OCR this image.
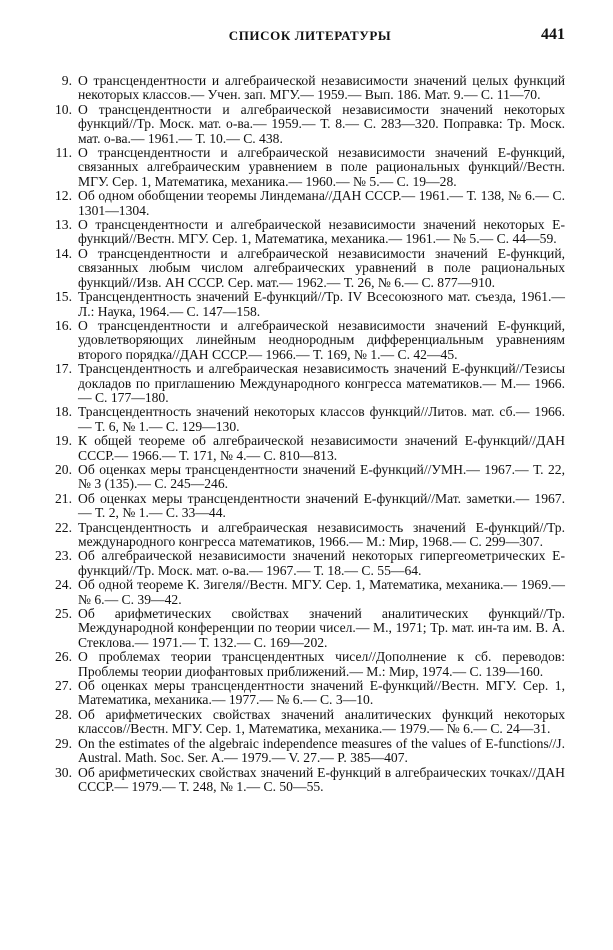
СПИСОК ЛИТЕРАТУРЫ	441

9. О трансцендентности и алгебраической независимости значений целых функций некоторых классов.— Учен. зап. МГУ.— 1959.— Вып. 186. Мат. 9.— С. 11—70.

10. О трансцендентности и алгебраической независимости значений некоторых функций//Тр. Моск. мат. о-ва.— 1959.— Т. 8.— С. 283—320. Поправка: Тр. Моск. мат. о-ва.— 1961.— Т. 10.— С. 438.

11. О трансцендентности и алгебраической независимости значений Е-функций, связанных алгебраическим уравнением в поле рациональных функций//Вестн. МГУ. Сер. 1, Математика, механика.— 1960.— № 5.— С. 19—28.

12. Об одном обобщении теоремы Линдемана//ДАН СССР.— 1961.— Т. 138, № 6.— С. 1301—1304.

13. О трансцендентности и алгебраической независимости значений некоторых Е-функций//Вестн. МГУ. Сер. 1, Математика, механика.— 1961.— № 5.— С. 44—59.

14. О трансцендентности и алгебраической независимости значений Е-функций, связанных любым числом алгебраических уравнений в поле рациональных функций//Изв. АН СССР. Сер. мат.— 1962.— Т. 26, № 6.— С. 877—910.

15. Трансцендентность значений Е-функций//Тр. IV Всесоюзного мат. съезда, 1961.— Л.: Наука, 1964.— С. 147—158.

16. О трансцендентности и алгебраической независимости значений Е-функций, удовлетворяющих линейным неоднородным дифференциальным уравнениям второго порядка//ДАН СССР.— 1966.— Т. 169, № 1.— С. 42—45.

17. Трансцендентность и алгебраическая независимость значений Е-функций//Тезисы докладов по приглашению Международного конгресса математиков.— М.— 1966.— С. 177—180.

18. Трансцендентность значений некоторых классов функций//Литов. мат. сб.— 1966.— Т. 6, № 1.— С. 129—130.

19. К общей теореме об алгебраической независимости значений Е-функций//ДАН СССР.— 1966.— Т. 171, № 4.— С. 810—813.

20. Об оценках меры трансцендентности значений Е-функций//УМН.— 1967.— Т. 22, № 3 (135).— С. 245—246.

21. Об оценках меры трансцендентности значений Е-функций//Мат. заметки.— 1967.— Т. 2, № 1.— С. 33—44.

22. Трансцендентность и алгебраическая независимость значений Е-функций//Тр. международного конгресса математиков, 1966.— М.: Мир, 1968.— С. 299—307.

23. Об алгебраической независимости значений некоторых гипергеометрических Е-функций//Тр. Моск. мат. о-ва.— 1967.— Т. 18.— С. 55—64.

24. Об одной теореме К. Зигеля//Вестн. МГУ. Сер. 1, Математика, механика.— 1969.— № 6.— С. 39—42.

25. Об арифметических свойствах значений аналитических функций//Тр. Международной конференции по теории чисел.— М., 1971; Тр. мат. ин-та им. В. А. Стеклова.— 1971.— Т. 132.— С. 169—202.

26. О проблемах теории трансцендентных чисел//Дополнение к сб. переводов: Проблемы теории диофантовых приближений.— М.: Мир, 1974.— С. 139—160.

27. Об оценках меры трансцендентности значений Е-функций//Вестн. МГУ. Сер. 1, Математика, механика.— 1977.— № 6.— С. 3—10.

28. Об арифметических свойствах значений аналитических функций некоторых классов//Вестн. МГУ. Сер. 1, Математика, механика.— 1979.— № 6.— С. 24—31.

29. On the estimates of the algebraic independence measures of the values of E-functions//J. Austral. Math. Soc. Ser. A.— 1979.— V. 27.— P. 385—407.

30. Об арифметических свойствах значений Е-функций в алгебраических точках//ДАН СССР.— 1979.— Т. 248, № 1.— С. 50—55.
